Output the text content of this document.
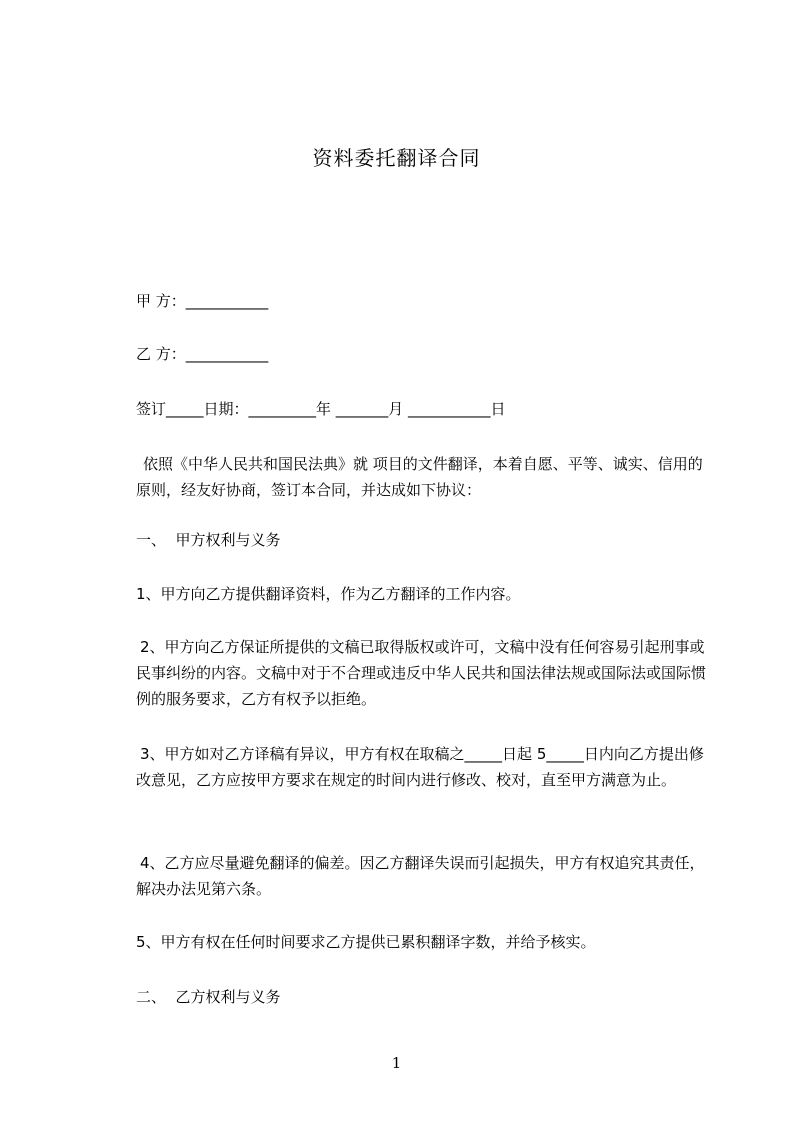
资料委托翻译合同
甲 方：___________
乙 方：___________
签订_____日期：_________年 _______月 ___________日
依照《中华人民共和国民法典》就 项目的文件翻译，本着自愿、平等、诚实、信用的原则，经友好协商，签订本合同，并达成如下协议：
一、  甲方权利与义务
1、甲方向乙方提供翻译资料，作为乙方翻译的工作内容。
2、甲方向乙方保证所提供的文稿已取得版权或许可，文稿中没有任何容易引起刑事或民事纠纷的内容。文稿中对于不合理或违反中华人民共和国法律法规或国际法或国际惯例的服务要求，乙方有权予以拒绝。
3、甲方如对乙方译稿有异议，甲方有权在取稿之_____日起 5_____日内向乙方提出修改意见，乙方应按甲方要求在规定的时间内进行修改、校对，直至甲方满意为止。
4、乙方应尽量避免翻译的偏差。因乙方翻译失误而引起损失，甲方有权追究其责任，解决办法见第六条。
5、甲方有权在任何时间要求乙方提供已累积翻译字数，并给予核实。
二、  乙方权利与义务
1
